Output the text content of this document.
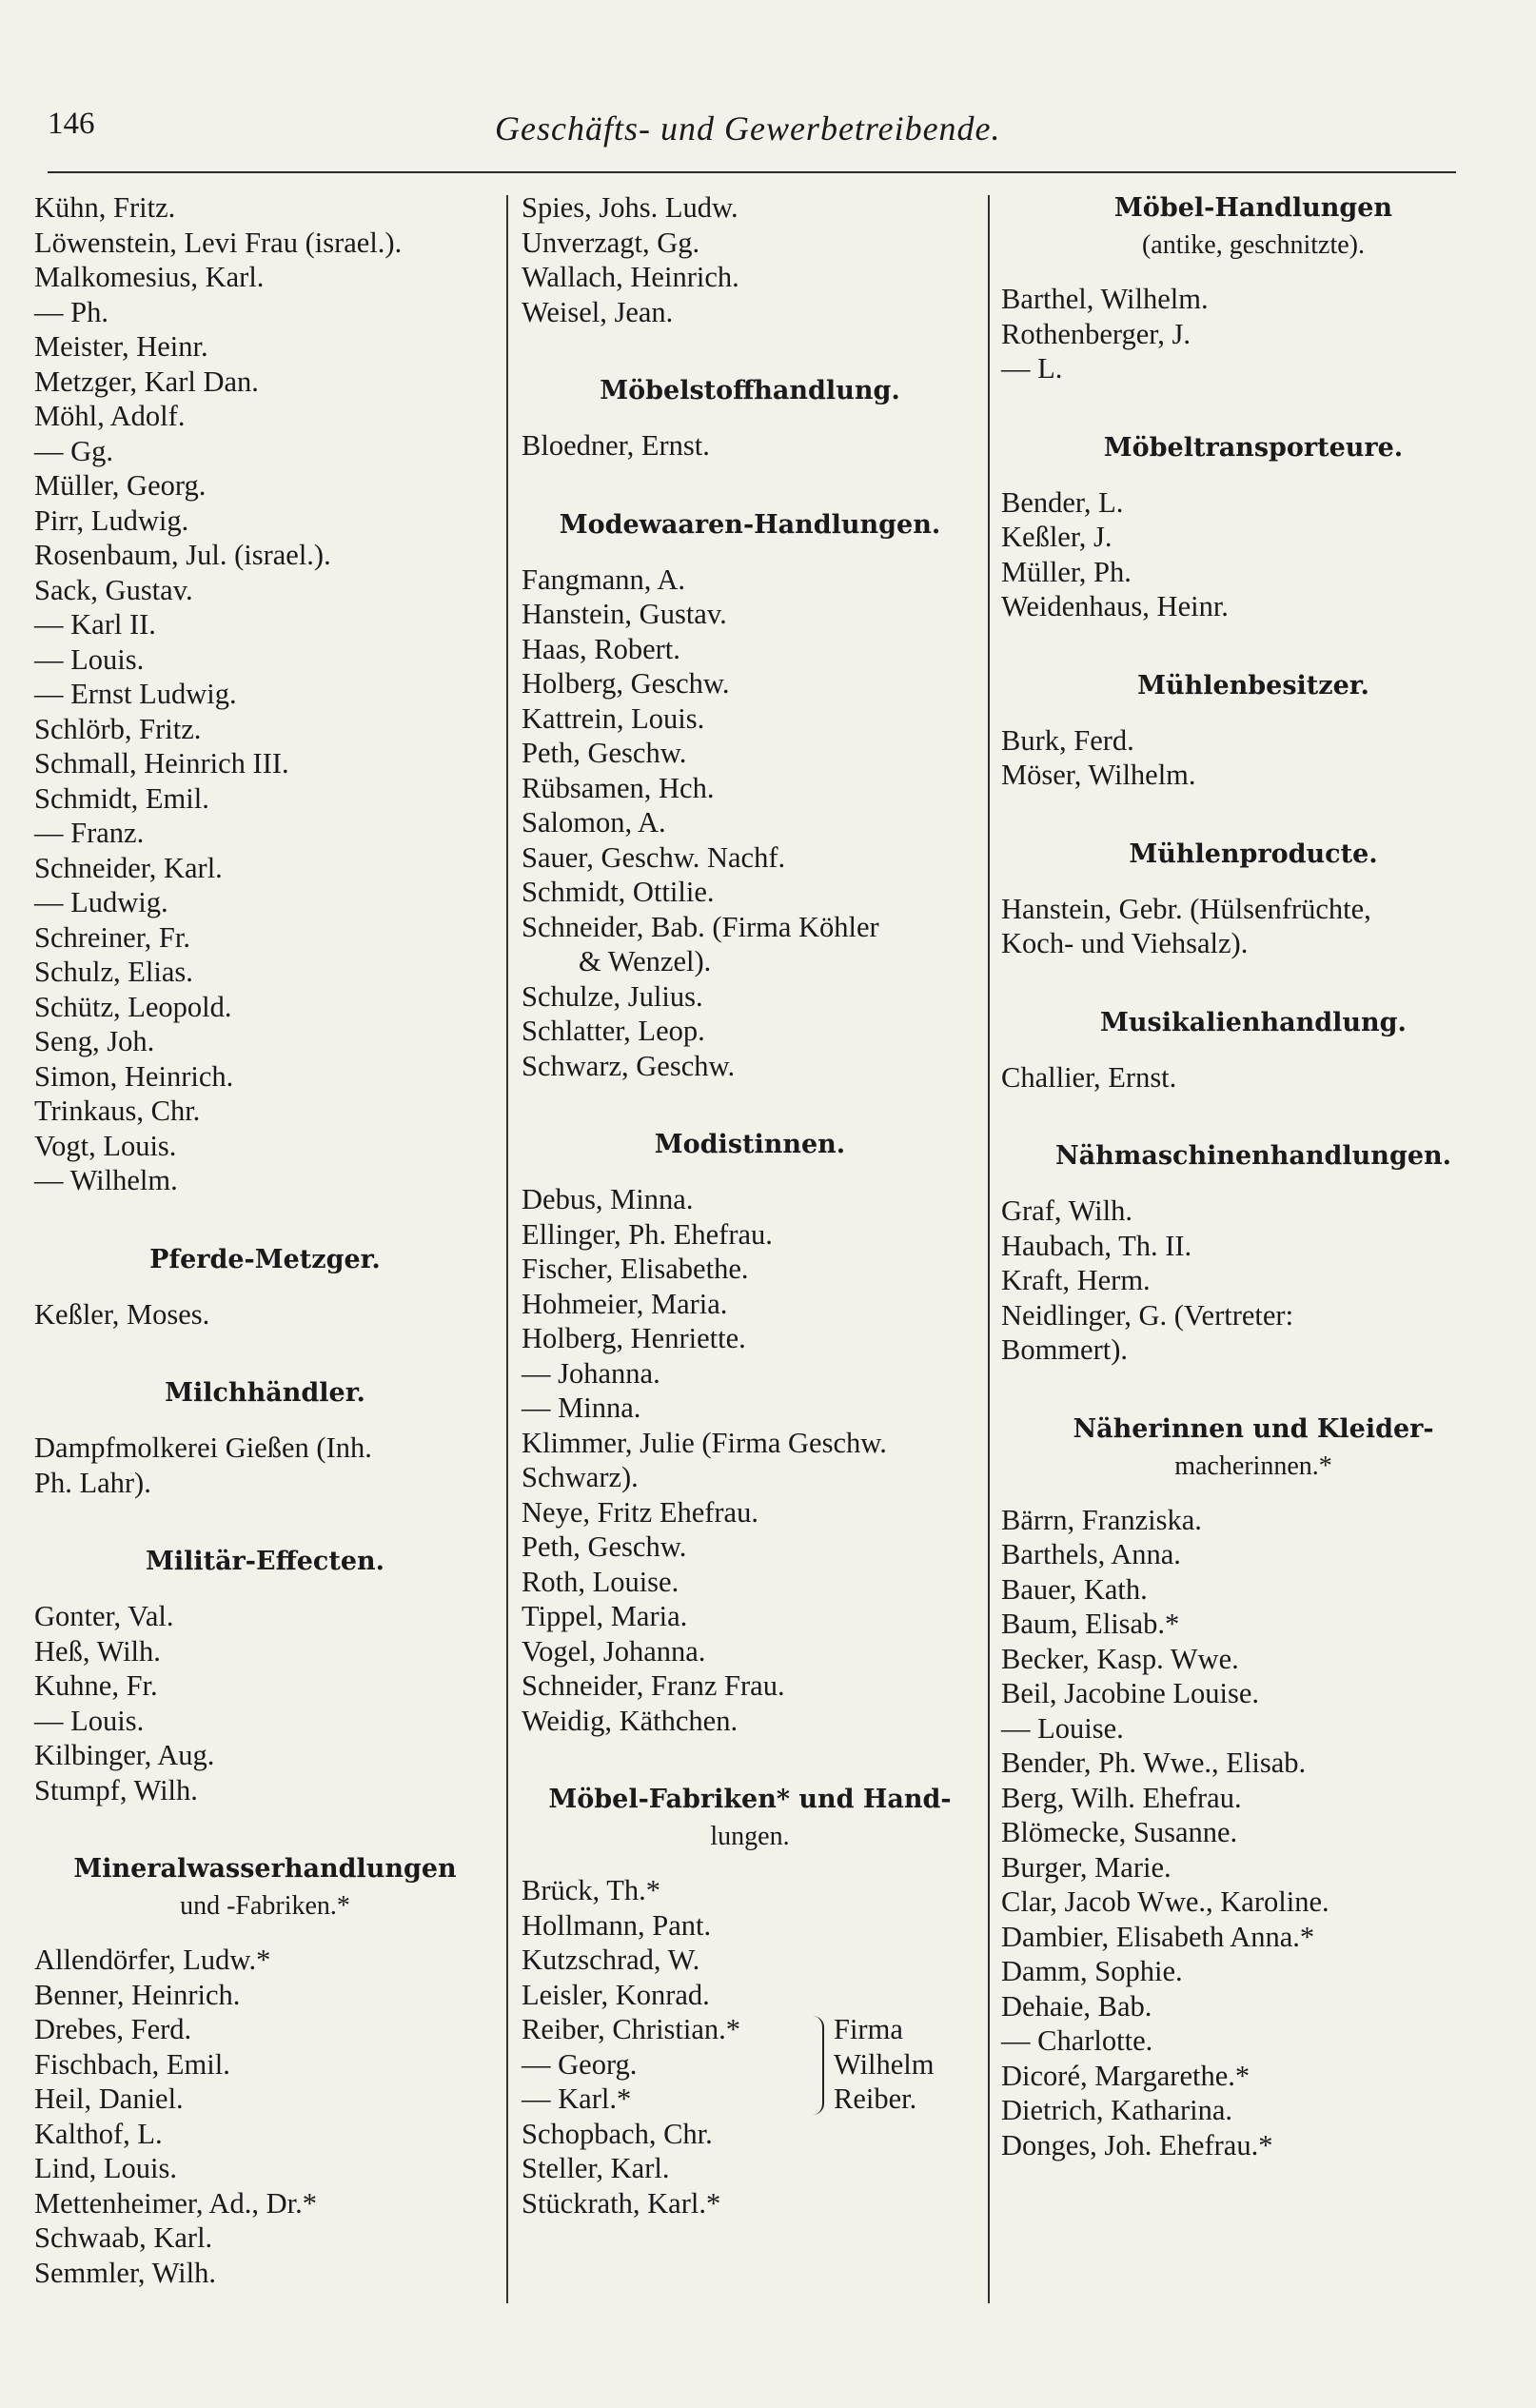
146	Geschäfts- und Gewerbetreibende.
Kühn, Fritz.
Löwenstein, Levi Frau (israel.).
Malkomesius, Karl.
— Ph.
Meister, Heinr.
Metzger, Karl Dan.
Möhl, Adolf.
— Gg.
Müller, Georg.
Pirr, Ludwig.
Rosenbaum, Jul. (israel.).
Sack, Gustav.
— Karl II.
— Louis.
— Ernst Ludwig.
Schlörb, Fritz.
Schmall, Heinrich III.
Schmidt, Emil.
— Franz.
Schneider, Karl.
— Ludwig.
Schreiner, Fr.
Schulz, Elias.
Schütz, Leopold.
Seng, Joh.
Simon, Heinrich.
Trinkaus, Chr.
Vogt, Louis.
— Wilhelm.
Pferde-Metzger.
Keßler, Moses.
Milchhändler.
Dampfmolkerei Gießen (Inh.
Ph. Lahr).
Militär-Effecten.
Gonter, Val.
Heß, Wilh.
Kuhne, Fr.
— Louis.
Kilbinger, Aug.
Stumpf, Wilh.
Mineralwasserhandlungen
und -Fabriken.*
Allendörfer, Ludw.*
Benner, Heinrich.
Drebes, Ferd.
Fischbach, Emil.
Heil, Daniel.
Kalthof, L.
Lind, Louis.
Mettenheimer, Ad., Dr.*
Schwaab, Karl.
Semmler, Wilh.
Spies, Johs. Ludw.
Unverzagt, Gg.
Wallach, Heinrich.
Weisel, Jean.
Möbelstoffhandlung.
Bloedner, Ernst.
Modewaaren-Handlungen.
Fangmann, A.
Hanstein, Gustav.
Haas, Robert.
Holberg, Geschw.
Kattrein, Louis.
Peth, Geschw.
Rübsamen, Hch.
Salomon, A.
Sauer, Geschw. Nachf.
Schmidt, Ottilie.
Schneider, Bab. (Firma Köhler
& Wenzel).
Schulze, Julius.
Schlatter, Leop.
Schwarz, Geschw.
Modistinnen.
Debus, Minna.
Ellinger, Ph. Ehefrau.
Fischer, Elisabethe.
Hohmeier, Maria.
Holberg, Henriette.
— Johanna.
— Minna.
Klimmer, Julie (Firma Geschw.
Schwarz).
Neye, Fritz Ehefrau.
Peth, Geschw.
Roth, Louise.
Tippel, Maria.
Vogel, Johanna.
Schneider, Franz Frau.
Weidig, Käthchen.
Möbel-Fabriken* und Hand-
lungen.
Brück, Th.*
Hollmann, Pant.
Kutzschrad, W.
Leisler, Konrad.
Reiber, Christian.*
— Georg.
— Karl.*
Firma
Wilhelm
Reiber.
Schopbach, Chr.
Steller, Karl.
Stückrath, Karl.*
Möbel-Handlungen
(antike, geschnitzte).
Barthel, Wilhelm.
Rothenberger, J.
— L.
Möbeltransporteure.
Bender, L.
Keßler, J.
Müller, Ph.
Weidenhaus, Heinr.
Mühlenbesitzer.
Burk, Ferd.
Möser, Wilhelm.
Mühlenproducte.
Hanstein, Gebr. (Hülsenfrüchte,
Koch- und Viehsalz).
Musikalienhandlung.
Challier, Ernst.
Nähmaschinenhandlungen.
Graf, Wilh.
Haubach, Th. II.
Kraft, Herm.
Neidlinger, G. (Vertreter:
Bommert).
Näherinnen und Kleider-
macherinnen.*
Bärrn, Franziska.
Barthels, Anna.
Bauer, Kath.
Baum, Elisab.*
Becker, Kasp. Wwe.
Beil, Jacobine Louise.
— Louise.
Bender, Ph. Wwe., Elisab.
Berg, Wilh. Ehefrau.
Blömecke, Susanne.
Burger, Marie.
Clar, Jacob Wwe., Karoline.
Dambier, Elisabeth Anna.*
Damm, Sophie.
Dehaie, Bab.
— Charlotte.
Dicoré, Margarethe.*
Dietrich, Katharina.
Donges, Joh. Ehefrau.*
